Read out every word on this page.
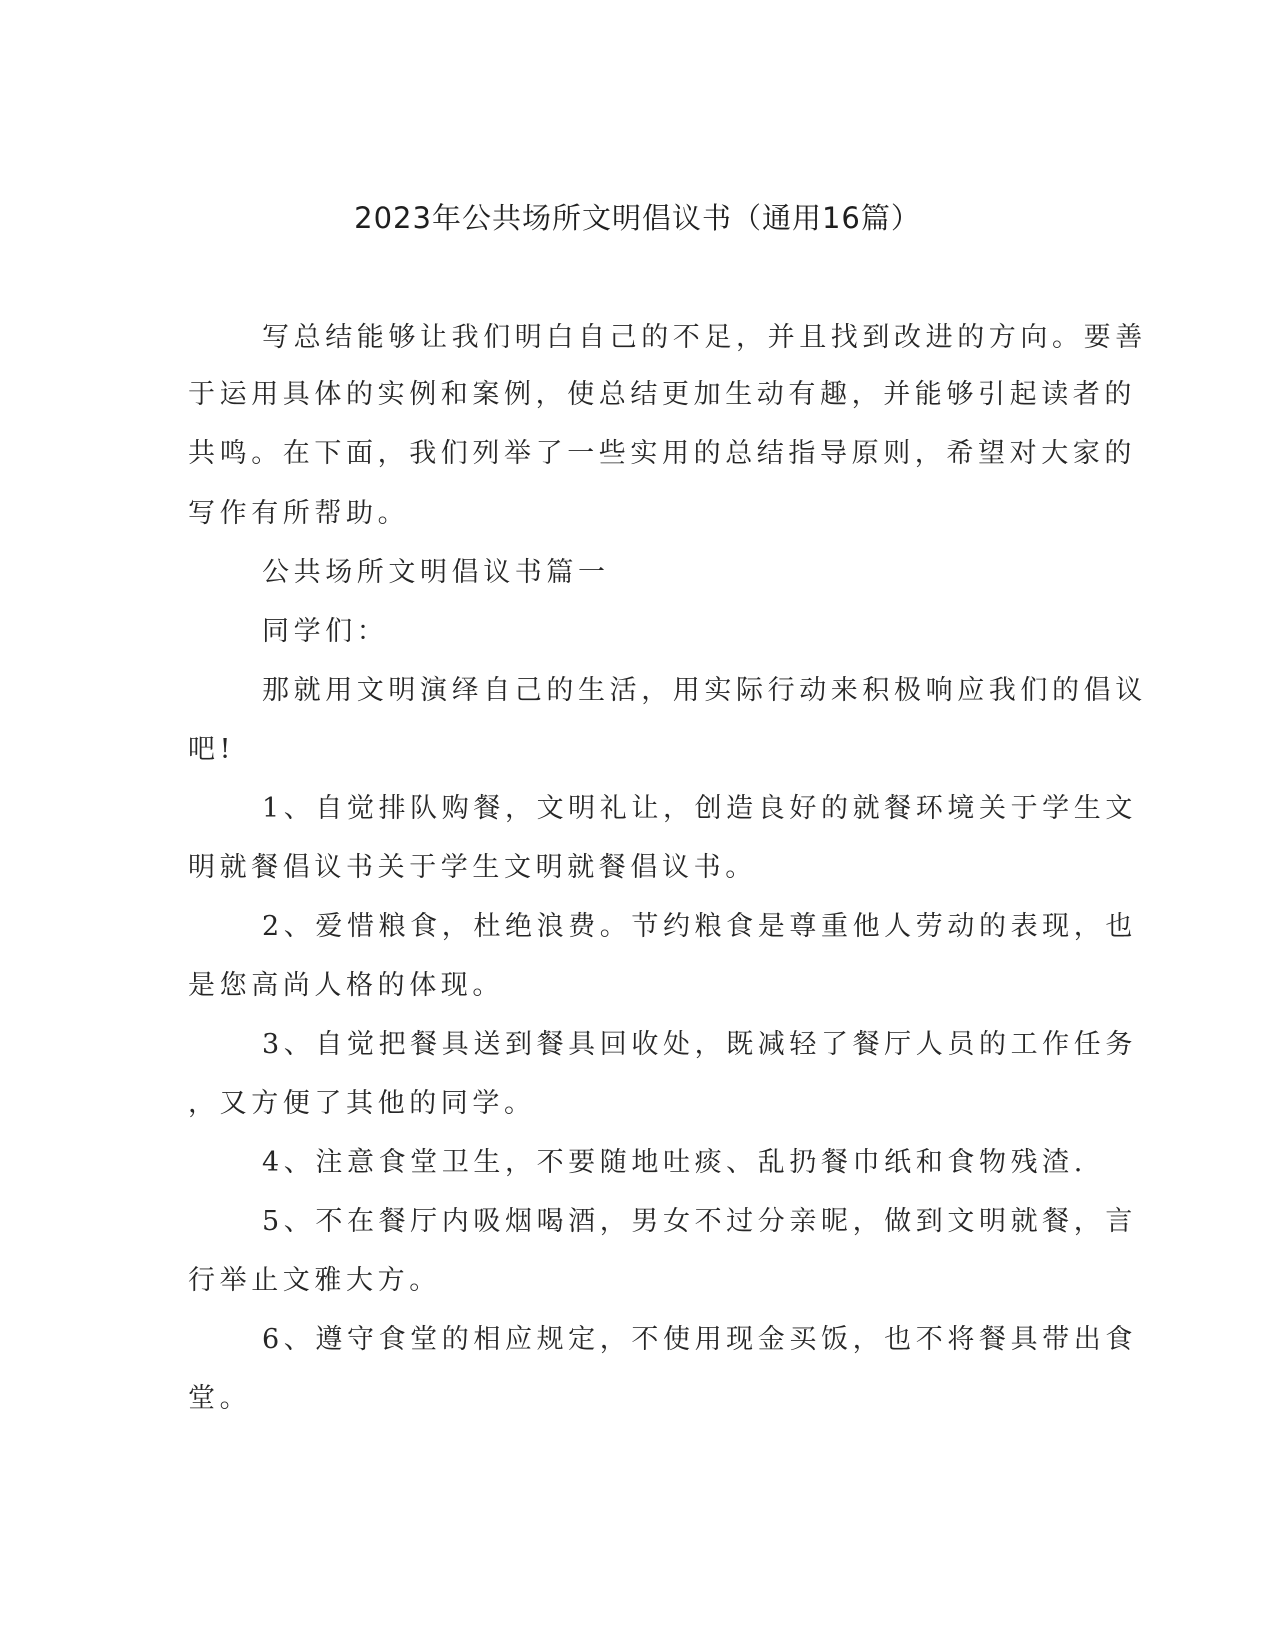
2023年公共场所文明倡议书（通用16篇）
写总结能够让我们明白自己的不足，并且找到改进的方向。要善
于运用具体的实例和案例，使总结更加生动有趣，并能够引起读者的
共鸣。在下面，我们列举了一些实用的总结指导原则，希望对大家的
写作有所帮助。
公共场所文明倡议书篇一
同学们：
那就用文明演绎自己的生活，用实际行动来积极响应我们的倡议
吧!
1、自觉排队购餐，文明礼让，创造良好的就餐环境关于学生文
明就餐倡议书关于学生文明就餐倡议书。
2、爱惜粮食，杜绝浪费。节约粮食是尊重他人劳动的表现，也
是您高尚人格的体现。
3、自觉把餐具送到餐具回收处，既减轻了餐厅人员的工作任务
，又方便了其他的同学。
4、注意食堂卫生，不要随地吐痰、乱扔餐巾纸和食物残渣.
5、不在餐厅内吸烟喝酒，男女不过分亲昵，做到文明就餐，言
行举止文雅大方。
6、遵守食堂的相应规定，不使用现金买饭，也不将餐具带出食
堂。
